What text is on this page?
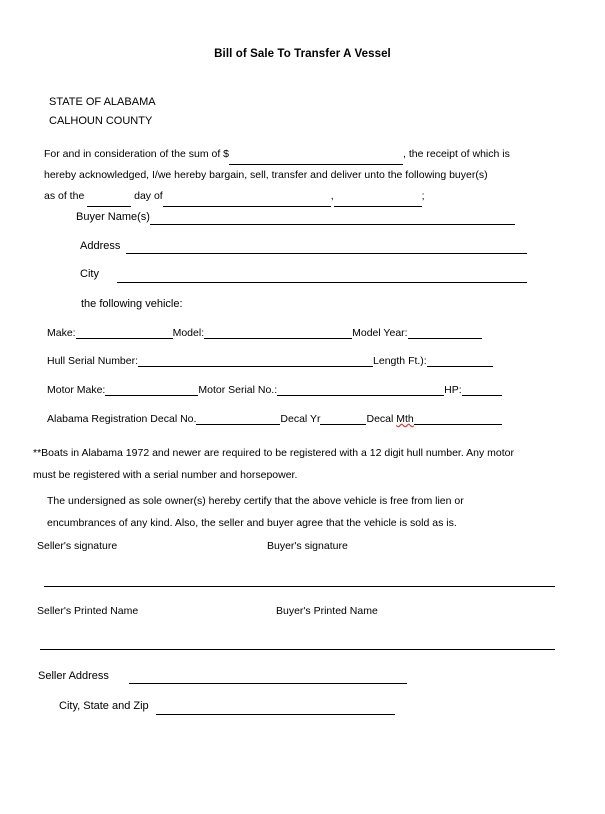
Bill of Sale To Transfer A Vessel
STATE OF ALABAMA
CALHOUN COUNTY
For and in consideration of the sum of $	, the receipt of which is
hereby acknowledged, I/we hereby bargain, sell, transfer and deliver unto the following buyer(s)
as of the	day of	,	;
Buyer Name(s)
Address
City
the following vehicle:
Make:	Model:	Model Year:
Hull Serial Number:	Length Ft.):
Motor Make:	Motor Serial No.:	HP:
Alabama Registration Decal No.	Decal Yr	Decal Mth
**Boats in Alabama 1972 and newer are required to be registered with a 12 digit hull number. Any motor
must be registered with a serial number and horsepower.
The undersigned as sole owner(s) hereby certify that the above vehicle is free from lien or
encumbrances of any kind. Also, the seller and buyer agree that the vehicle is sold as is.
Seller's signature	Buyer's signature
Seller's Printed Name	Buyer's Printed Name
Seller Address
City, State and Zip
